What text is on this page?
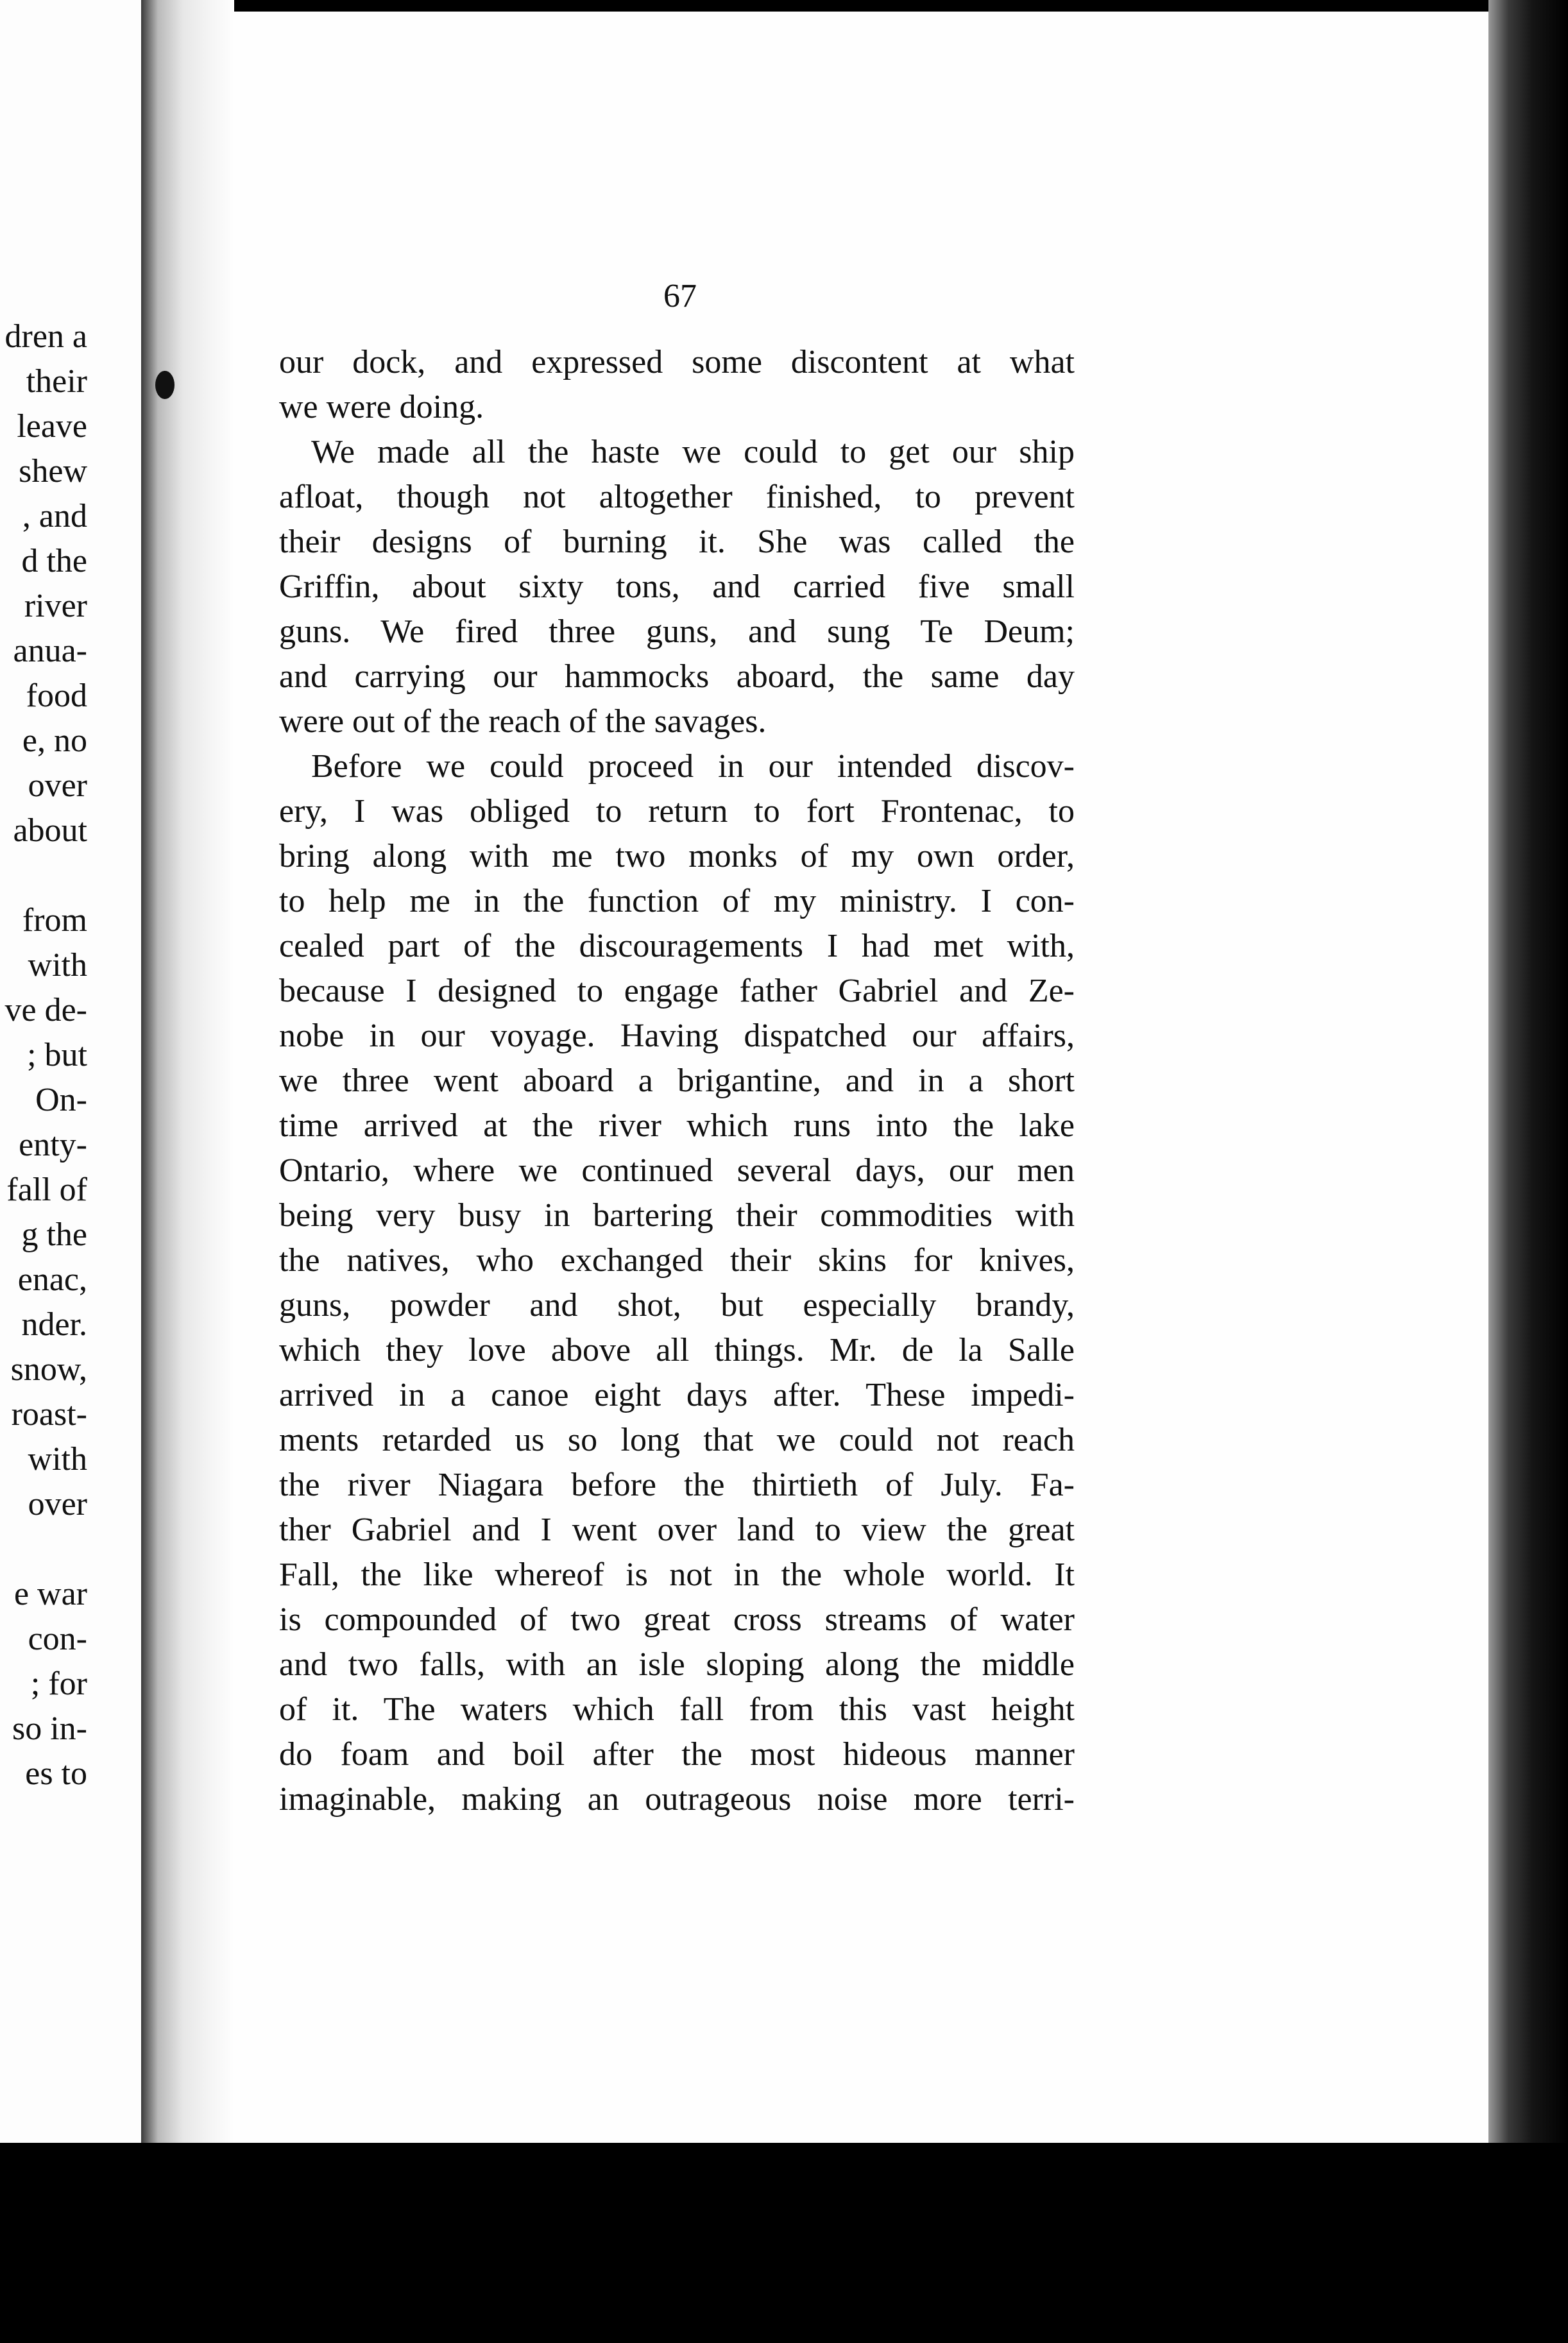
dren a
their
leave
shew
, and
d the
river
anua-
food
e, no
over
about
from
with
ve de-
; but
On-
enty-
fall of
g the
enac,
nder.
snow,
roast-
with
over
e war
con-
; for
so in-
es to

67

our dock, and expressed some discontent at what
we were doing.
We made all the haste we could to get our ship
afloat, though not altogether finished, to prevent
their designs of burning it. She was called the
Griffin, about sixty tons, and carried five small
guns. We fired three guns, and sung Te Deum;
and carrying our hammocks aboard, the same day
were out of the reach of the savages.
Before we could proceed in our intended discov-
ery, I was obliged to return to fort Frontenac, to
bring along with me two monks of my own order,
to help me in the function of my ministry. I con-
cealed part of the discouragements I had met with,
because I designed to engage father Gabriel and Ze-
nobe in our voyage. Having dispatched our affairs,
we three went aboard a brigantine, and in a short
time arrived at the river which runs into the lake
Ontario, where we continued several days, our men
being very busy in bartering their commodities with
the natives, who exchanged their skins for knives,
guns, powder and shot, but especially brandy,
which they love above all things. Mr. de la Salle
arrived in a canoe eight days after. These impedi-
ments retarded us so long that we could not reach
the river Niagara before the thirtieth of July. Fa-
ther Gabriel and I went over land to view the great
Fall, the like whereof is not in the whole world. It
is compounded of two great cross streams of water
and two falls, with an isle sloping along the middle
of it. The waters which fall from this vast height
do foam and boil after the most hideous manner
imaginable, making an outrageous noise more terri-
